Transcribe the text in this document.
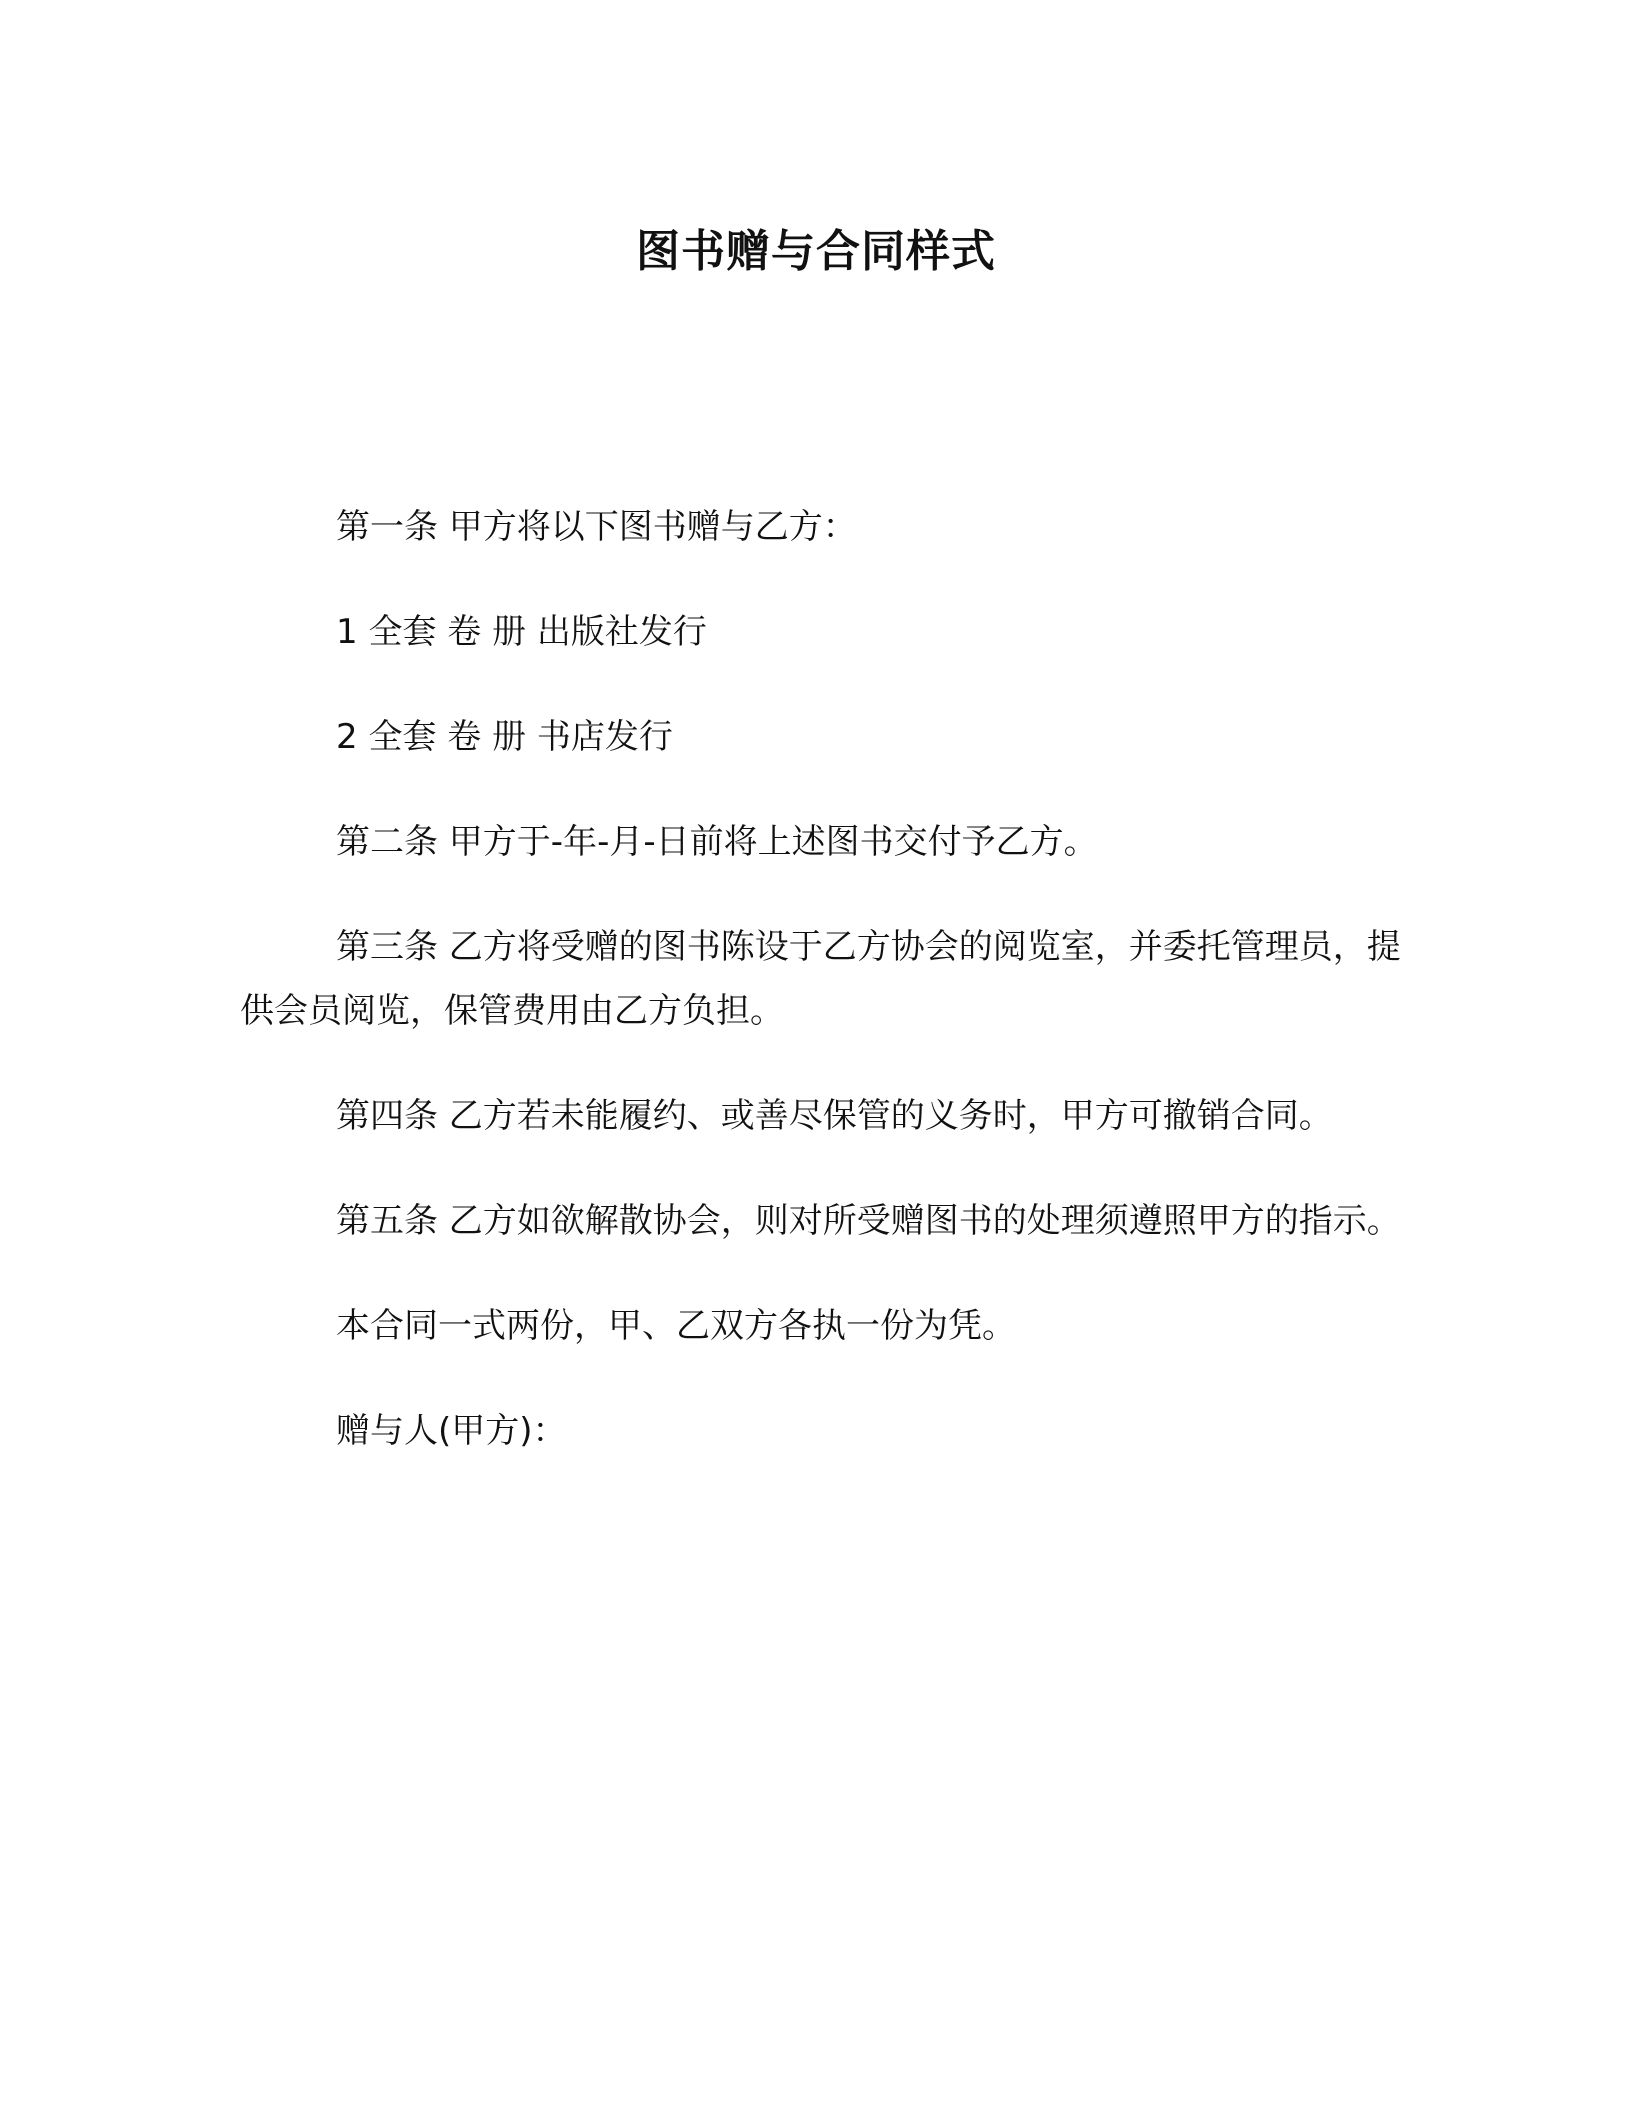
图书赠与合同样式

第一条 甲方将以下图书赠与乙方：

1 全套 卷 册 出版社发行

2 全套 卷 册 书店发行

第二条 甲方于-年-月-日前将上述图书交付予乙方。

第三条 乙方将受赠的图书陈设于乙方协会的阅览室，并委托管理员，提供会员阅览，保管费用由乙方负担。

第四条 乙方若未能履约、或善尽保管的义务时，甲方可撤销合同。

第五条 乙方如欲解散协会，则对所受赠图书的处理须遵照甲方的指示。

本合同一式两份，甲、乙双方各执一份为凭。

赠与人(甲方)：
